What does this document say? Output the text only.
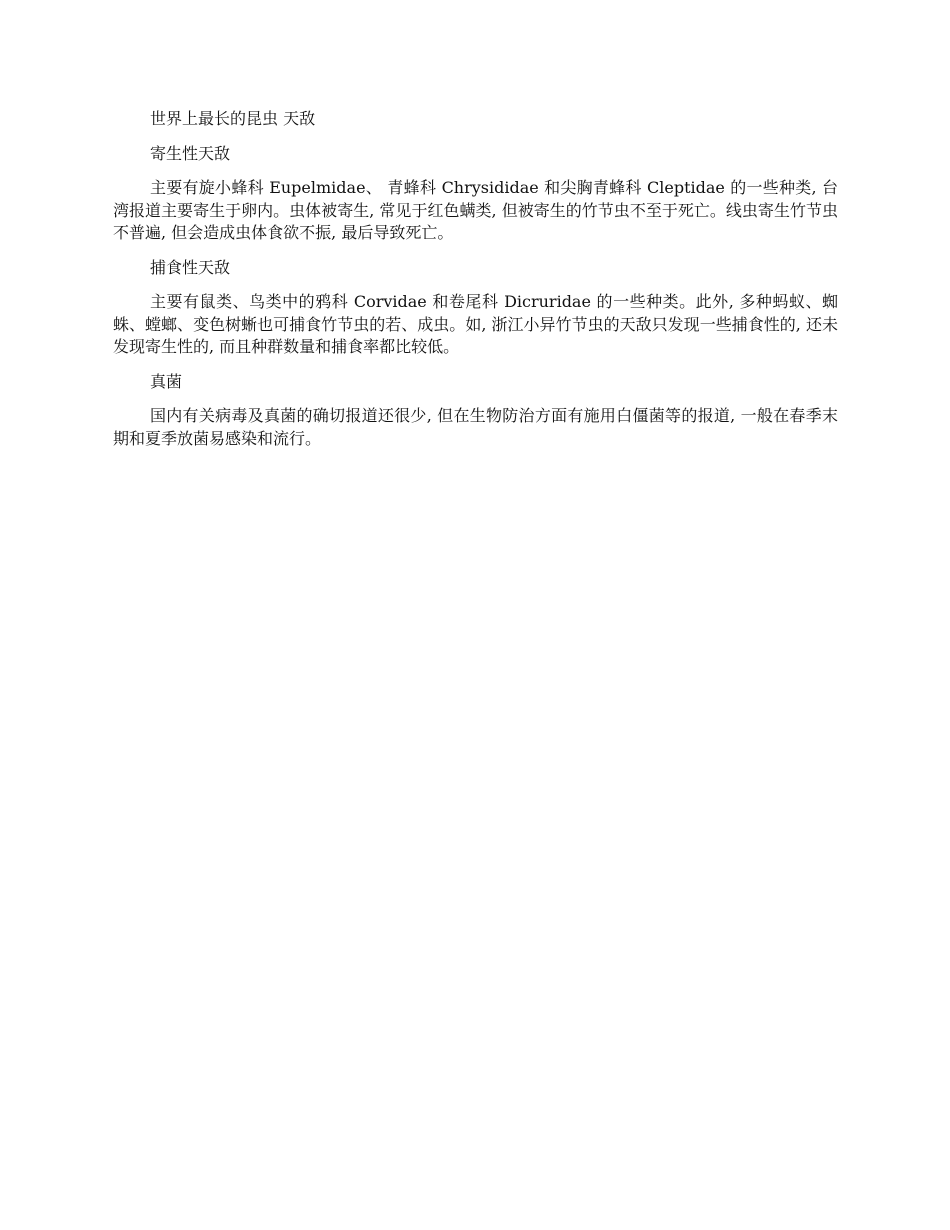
世界上最长的昆虫 天敌

寄生性天敌

主要有旋小蜂科 Eupelmidae、 青蜂科 Chrysididae 和尖胸青蜂科 Cleptidae 的一些种类, 台湾报道主要寄生于卵内。虫体被寄生, 常见于红色螨类, 但被寄生的竹节虫不至于死亡。线虫寄生竹节虫不普遍, 但会造成虫体食欲不振, 最后导致死亡。

捕食性天敌

主要有鼠类、鸟类中的鸦科 Corvidae 和卷尾科 Dicruridae 的一些种类。此外, 多种蚂蚁、蜘蛛、螳螂、变色树蜥也可捕食竹节虫的若、成虫。如, 浙江小异竹节虫的天敌只发现一些捕食性的, 还未发现寄生性的, 而且种群数量和捕食率都比较低。

真菌

国内有关病毒及真菌的确切报道还很少, 但在生物防治方面有施用白僵菌等的报道, 一般在春季末期和夏季放菌易感染和流行。
